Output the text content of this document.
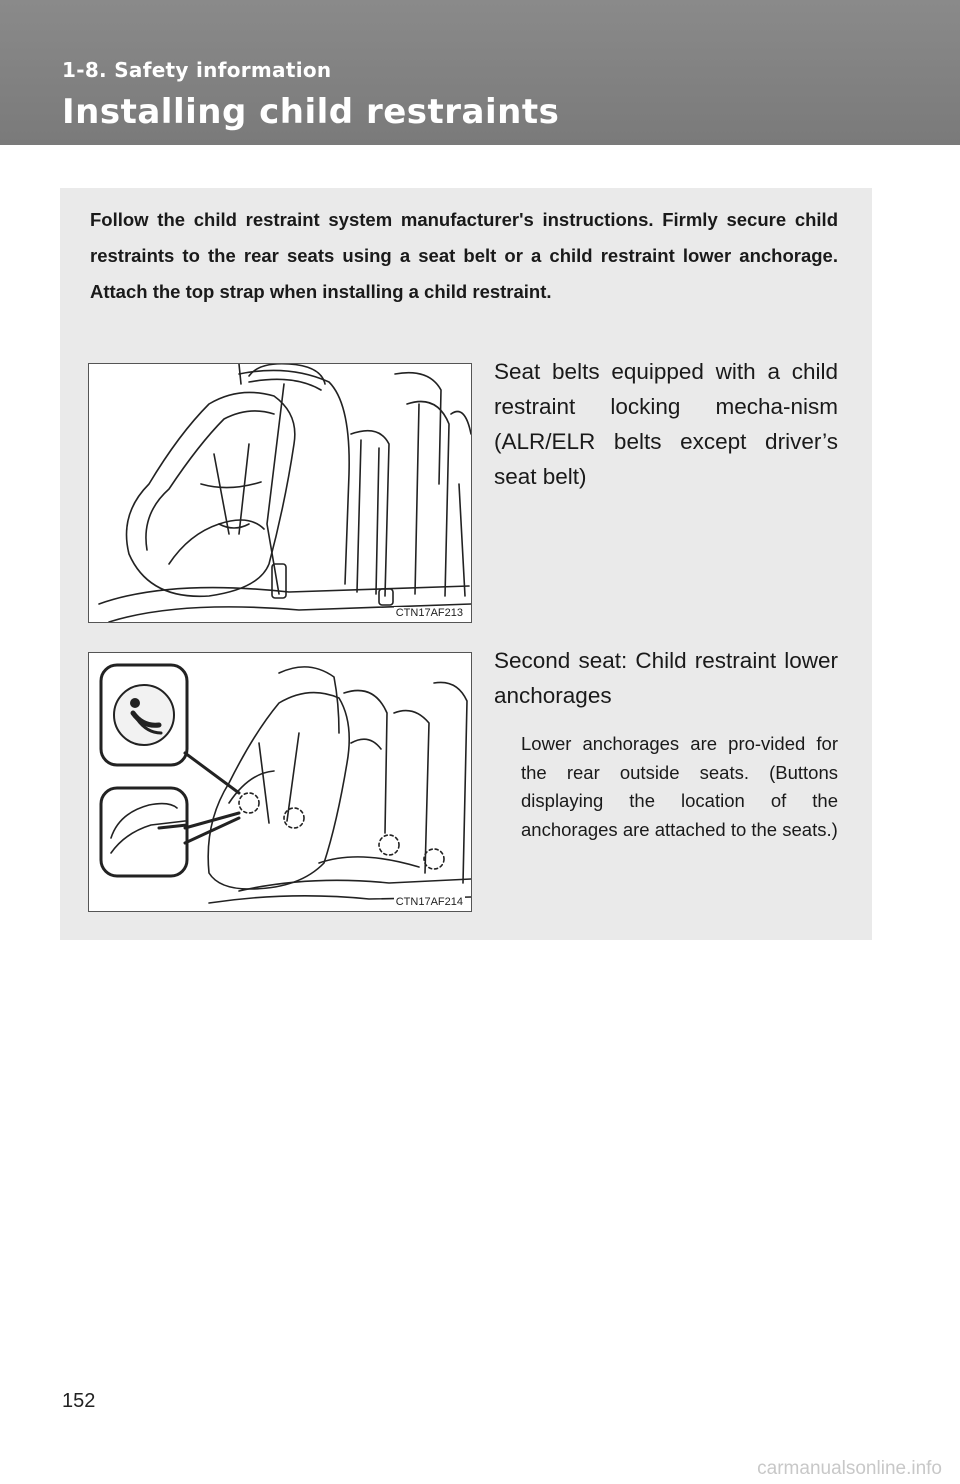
1-8. Safety information
Installing child restraints
Follow the child restraint system manufacturer's instructions. Firmly secure child restraints to the rear seats using a seat belt or a child restraint lower anchorage. Attach the top strap when installing a child restraint.
CTN17AF213
Seat belts equipped with a child restraint locking mecha-nism (ALR/ELR belts except driver’s seat belt)
CTN17AF214
Second seat: Child restraint lower anchorages
Lower anchorages are pro-vided for the rear outside seats. (Buttons displaying the location of the anchorages are attached to the seats.)
152
carmanualsonline.info
